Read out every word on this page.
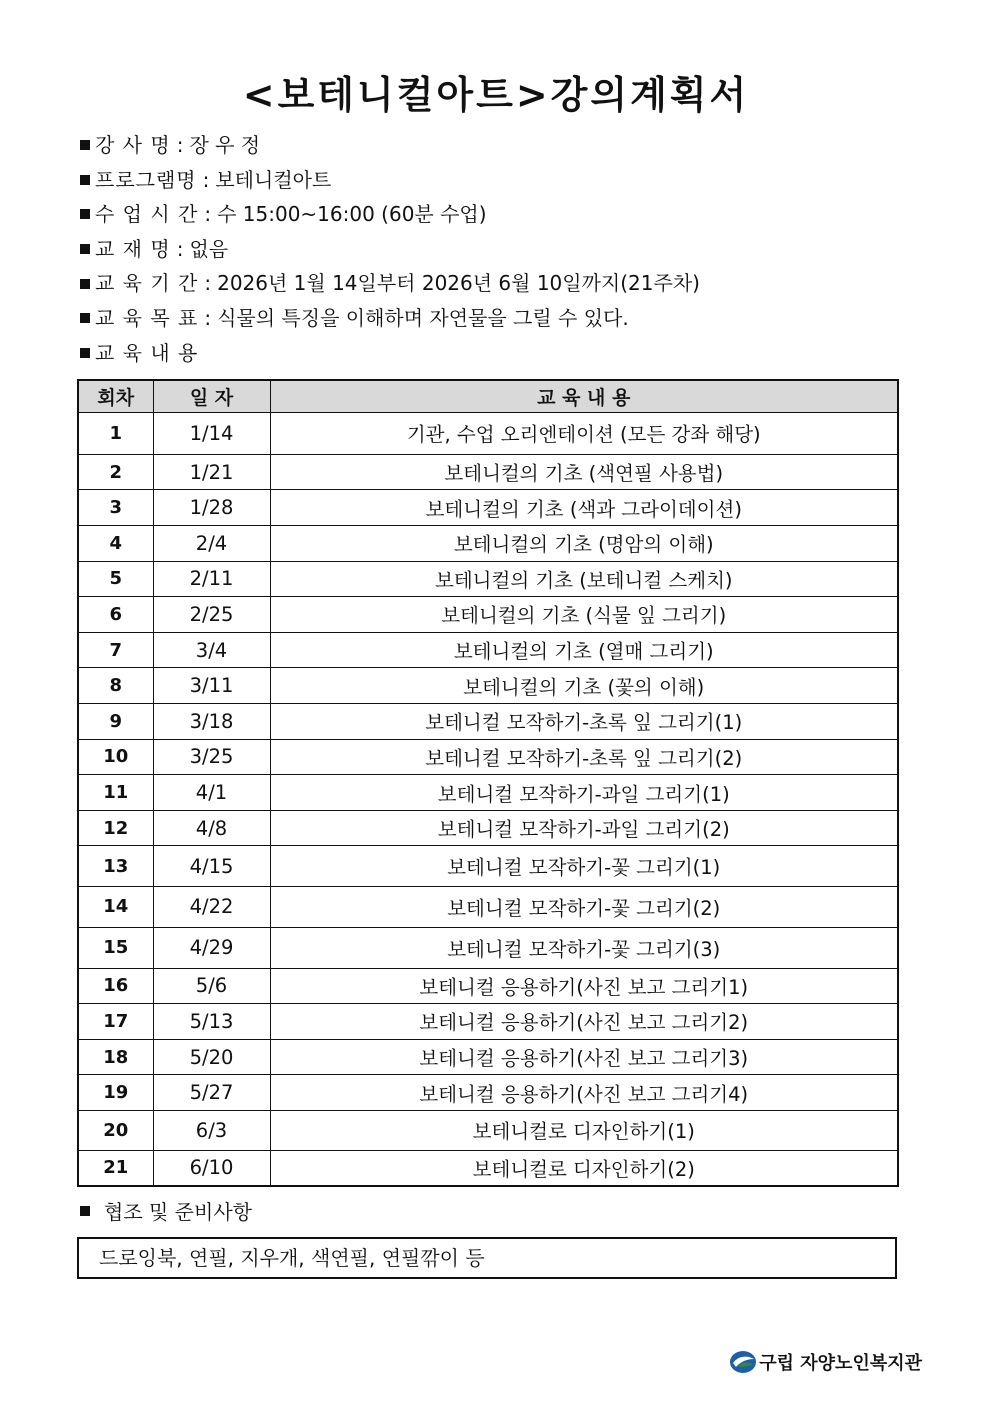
<보테니컬아트>강의계획서
강 사 명 : 장 우 정
프로그램명 : 보테니컬아트
수 업 시 간 : 수 15:00~16:00 (60분 수업)
교 재 명 : 없음
교 육 기 간 : 2026년 1월 14일부터 2026년 6월 10일까지(21주차)
교 육 목 표 : 식물의 특징을 이해하며 자연물을 그릴 수 있다.
교 육 내 용
회차	일 자	교 육 내 용
1	1/14	기관, 수업 오리엔테이션 (모든 강좌 해당)
2	1/21	보테니컬의 기초 (색연필 사용법)
3	1/28	보테니컬의 기초 (색과 그라이데이션)
4	2/4	보테니컬의 기초 (명암의 이해)
5	2/11	보테니컬의 기초 (보테니컬 스케치)
6	2/25	보테니컬의 기초 (식물 잎 그리기)
7	3/4	보테니컬의 기초 (열매 그리기)
8	3/11	보테니컬의 기초 (꽃의 이해)
9	3/18	보테니컬 모작하기-초록 잎 그리기(1)
10	3/25	보테니컬 모작하기-초록 잎 그리기(2)
11	4/1	보테니컬 모작하기-과일 그리기(1)
12	4/8	보테니컬 모작하기-과일 그리기(2)
13	4/15	보테니컬 모작하기-꽃 그리기(1)
14	4/22	보테니컬 모작하기-꽃 그리기(2)
15	4/29	보테니컬 모작하기-꽃 그리기(3)
16	5/6	보테니컬 응용하기(사진 보고 그리기1)
17	5/13	보테니컬 응용하기(사진 보고 그리기2)
18	5/20	보테니컬 응용하기(사진 보고 그리기3)
19	5/27	보테니컬 응용하기(사진 보고 그리기4)
20	6/3	보테니컬로 디자인하기(1)
21	6/10	보테니컬로 디자인하기(2)
협조 및 준비사항
드로잉북, 연필, 지우개, 색연필, 연필깎이 등
구립 자양노인복지관
